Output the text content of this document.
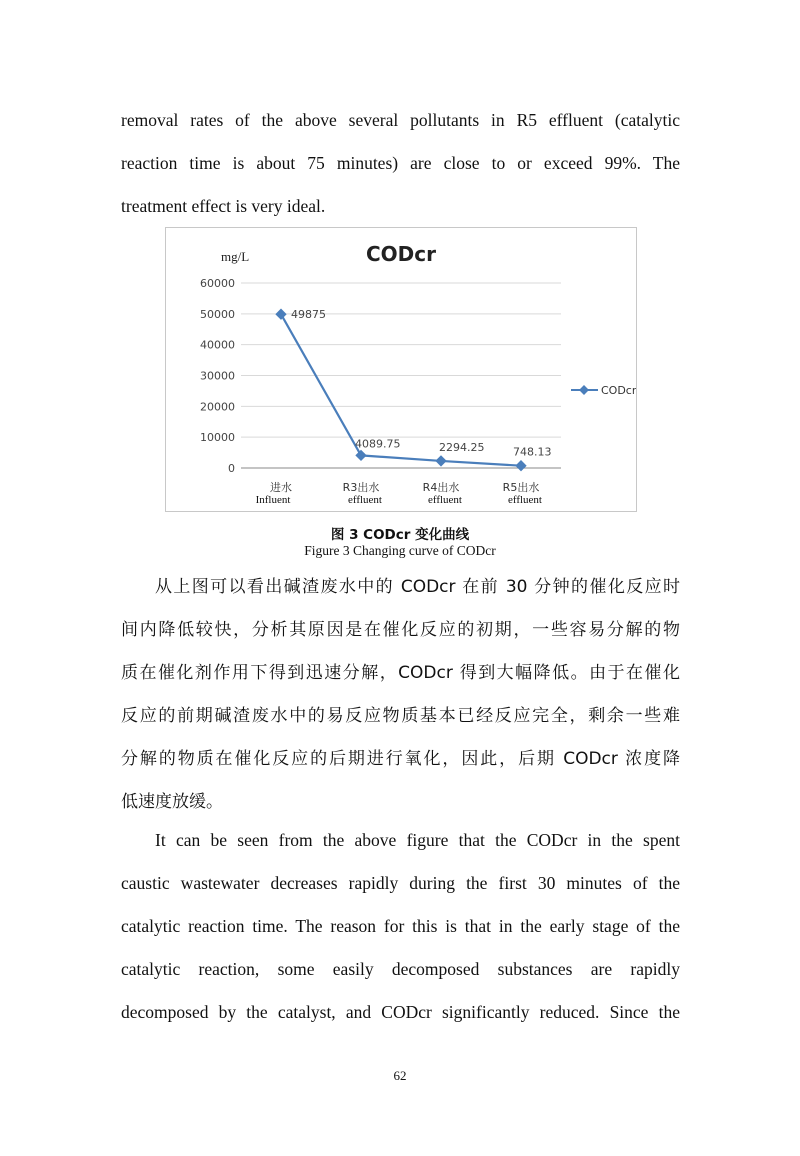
removal rates of the above several pollutants in R5 effluent (catalytic
reaction time is about 75 minutes) are close to or exceed 99%. The
treatment effect is very ideal.
0
10000
20000
30000
40000
50000
60000
CODcr
mg/L
进水
Influent
R3出水
effluent
R4出水
effluent
R5出水
effluent
49875
4089.75	2294.25	748.13
CODcr
图 3 CODcr 变化曲线
Figure 3 Changing curve of CODcr
从上图可以看出碱渣废水中的 CODcr 在前 30 分钟的催化反应时
间内降低较快，分析其原因是在催化反应的初期，一些容易分解的物
质在催化剂作用下得到迅速分解，CODcr 得到大幅降低。由于在催化
反应的前期碱渣废水中的易反应物质基本已经反应完全，剩余一些难
分解的物质在催化反应的后期进行氧化，因此，后期 CODcr 浓度降
低速度放缓。
It can be seen from the above figure that the CODcr in the spent
caustic wastewater decreases rapidly during the first 30 minutes of the
catalytic reaction time. The reason for this is that in the early stage of the
catalytic reaction, some easily decomposed substances are rapidly
decomposed by the catalyst, and CODcr significantly reduced. Since the
62
